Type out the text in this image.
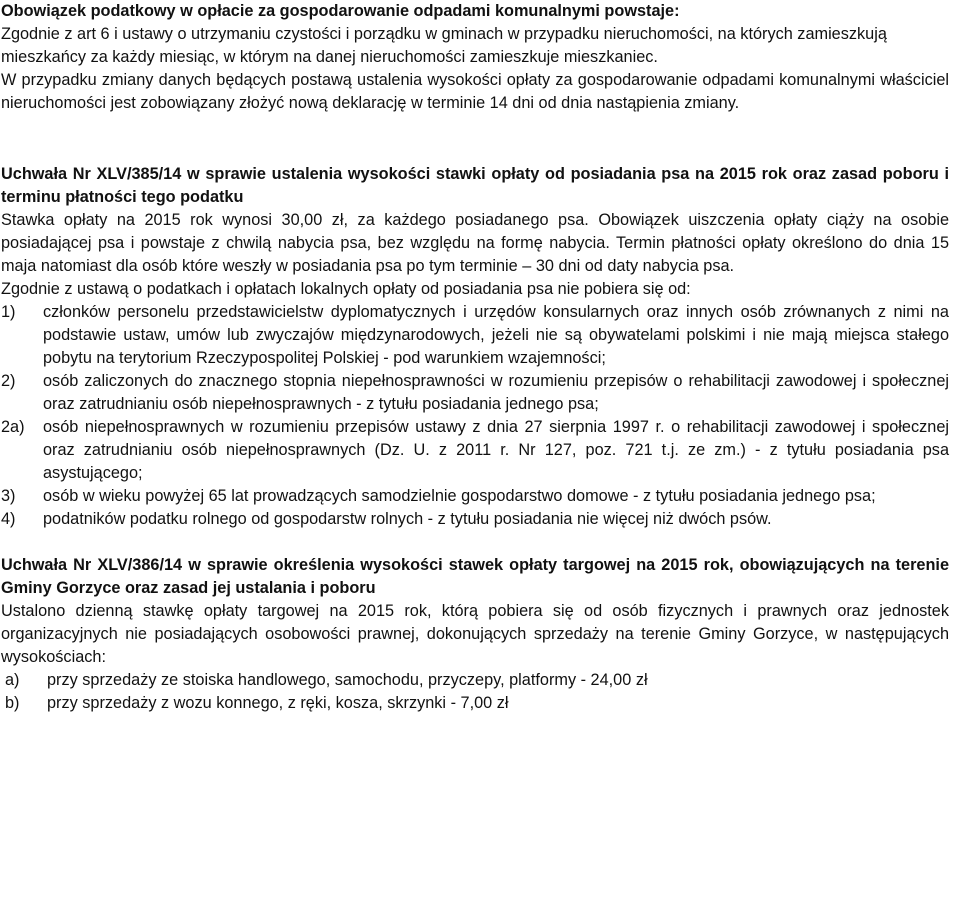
Obowiązek podatkowy w opłacie za gospodarowanie odpadami komunalnymi powstaje:

Zgodnie z art 6 i ustawy o utrzymaniu czystości i porządku w gminach w przypadku nieruchomości, na których zamieszkują mieszkańcy za każdy miesiąc, w którym na danej nieruchomości zamieszkuje mieszkaniec.

W przypadku zmiany danych będących postawą ustalenia wysokości opłaty za gospodarowanie odpadami komunalnymi właściciel nieruchomości jest zobowiązany złożyć nową deklarację w terminie 14 dni od dnia nastąpienia zmiany.

Uchwała Nr XLV/385/14 w sprawie ustalenia wysokości stawki opłaty od posiadania psa na 2015 rok oraz zasad poboru i terminu płatności tego podatku

Stawka opłaty na 2015 rok wynosi 30,00 zł, za każdego posiadanego psa. Obowiązek uiszczenia opłaty ciąży na osobie posiadającej psa i powstaje z chwilą nabycia psa, bez względu na formę nabycia. Termin płatności opłaty określono do dnia 15 maja natomiast dla osób które weszły w posiadania psa po tym terminie – 30 dni od daty nabycia psa.

Zgodnie z ustawą o podatkach i opłatach lokalnych opłaty od posiadania psa nie pobiera się od:

1)	członków personelu przedstawicielstw dyplomatycznych i urzędów konsularnych oraz innych osób zrównanych z nimi na podstawie ustaw, umów lub zwyczajów międzynarodowych, jeżeli nie są obywatelami polskimi i nie mają miejsca stałego pobytu na terytorium Rzeczypospolitej Polskiej - pod warunkiem wzajemności;
2)	osób zaliczonych do znacznego stopnia niepełnosprawności w rozumieniu przepisów o rehabilitacji zawodowej i społecznej oraz zatrudnianiu osób niepełnosprawnych - z tytułu posiadania jednego psa;
2a)	osób niepełnosprawnych w rozumieniu przepisów ustawy z dnia 27 sierpnia 1997 r. o rehabilitacji zawodowej i społecznej oraz zatrudnianiu osób niepełnosprawnych (Dz. U. z 2011 r. Nr 127, poz. 721 t.j. ze zm.) - z tytułu posiadania psa asystującego;
3)	osób w wieku powyżej 65 lat prowadzących samodzielnie gospodarstwo domowe - z tytułu posiadania jednego psa;
4)	podatników podatku rolnego od gospodarstw rolnych - z tytułu posiadania nie więcej niż dwóch psów.

Uchwała Nr XLV/386/14 w sprawie określenia wysokości stawek opłaty targowej na 2015 rok, obowiązujących na terenie Gminy Gorzyce oraz zasad jej ustalania i poboru

Ustalono dzienną stawkę opłaty targowej na 2015 rok, którą pobiera się od osób fizycznych i prawnych oraz jednostek organizacyjnych nie posiadających osobowości prawnej, dokonujących sprzedaży na terenie Gminy Gorzyce, w następujących wysokościach:

a)	przy sprzedaży ze stoiska handlowego, samochodu, przyczepy, platformy - 24,00 zł
b)	przy sprzedaży z wozu konnego, z ręki, kosza, skrzynki - 7,00 zł
